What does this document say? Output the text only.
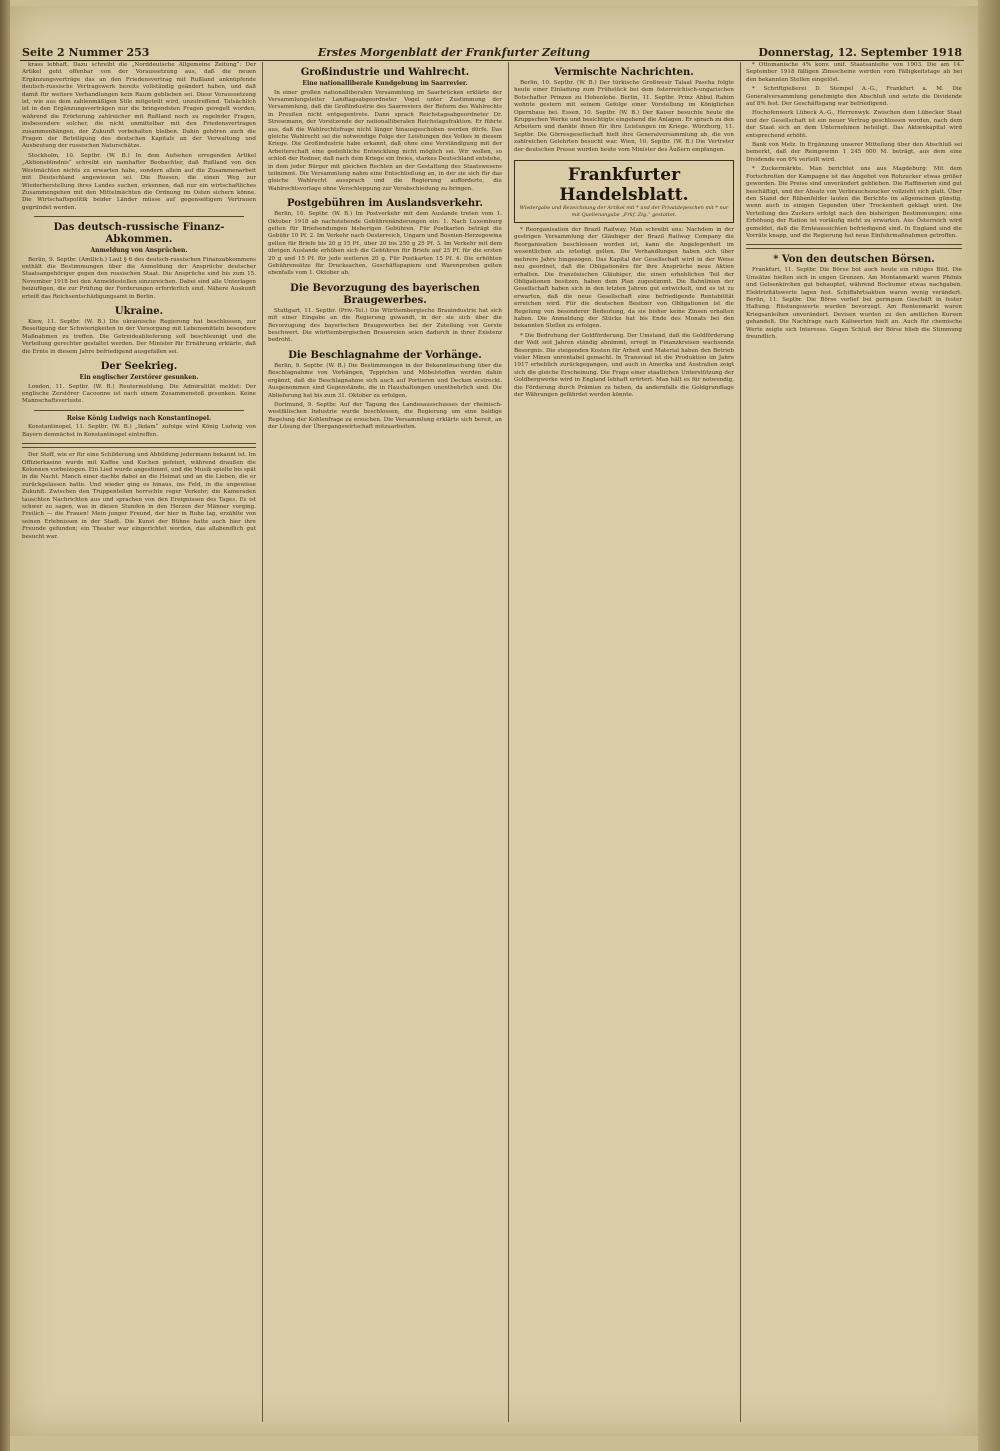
Seite 2 Nummer 253	Erstes Morgenblatt der Frankfurter Zeitung	Donnerstag, 12. September 1918

krass lebhaft. Dazu schreibt die „Norddeutsche Allgemeine Zeitung“: Der Artikel geht offenbar von der Voraussetzung aus, daß die neuen Ergänzungsverträge das an den Friedensvertrag mit Rußland anknüpfende deutsch-russische Vertragswerk bereits vollständig geändert haben, und daß damit für weitere Verhandlungen kein Raum geblieben sei. Diese Voraussetzung ist, wie aus dem zahlenmäßigen Stile mitgeteilt wird, unzutreffend. Tatsächlich ist in den Ergänzungsverträgen nur die bringendsten Fragen geregelt worden, während die Erörterung zahlreicher mit Rußland noch zu regelnder Fragen, insbesondere solcher, die nicht unmittelbar mit den Friedensvertragen zusammenhängen, der Zukunft vorbehalten bleiben. Dahin gehören auch die Fragen der Beteiligung des deutschen Kapitals an der Verwaltung und Ausbeutung der russischen Naturschätze.

Stockholm, 10. Septbr. (W. B.) In dem Aufsehen erregenden Artikel „Aktionsbündnis“ schreibt ein namhafter Beobachter, daß Rußland von den Westmächten nichts zu erwarten habe, sondern allein auf die Zusammenarbeit mit Deutschland angewiesen sei. Die Russen, die einen Weg zur Wiederherstellung ihres Landes suchen, erkennen, daß nur ein wirtschaftliches Zusammengehen mit den Mittelmächten die Ordnung im Osten sichern könne. Die Wirtschaftspolitik beider Länder müsse auf gegenseitigem Vertrauen gegründet werden.

Das deutsch-russische Finanz-Abkommen.
Anmeldung von Ansprüchen.

Berlin, 9. Septbr. (Amtlich.) Laut § 6 des deutsch-russischen Finanzabkommens enthält die Bestimmungen über die Anmeldung der Ansprüche deutscher Staatsangehöriger gegen den russischen Staat. Die Ansprüche sind bis zum 15. November 1918 bei den Anmeldestellen einzureichen. Dabei sind alle Unterlagen beizufügen, die zur Prüfung der Forderungen erforderlich sind. Nähere Auskunft erteilt das Reichsentschädigungsamt in Berlin.

Ukraine.

Kiew, 11. Septbr. (W. B.) Die ukrainische Regierung hat beschlossen, zur Beseitigung der Schwierigkeiten in der Versorgung mit Lebensmitteln besondere Maßnahmen zu treffen. Die Getreideablieferung soll beschleunigt und die Verteilung gerechter gestaltet werden. Der Minister für Ernährung erklärte, daß die Ernte in diesem Jahre befriedigend ausgefallen sei.

Der Seekrieg.
Ein englischer Zerstörer gesunken.

London, 11. Septbr. (W. B.) Reutermeldung. Die Admiralität meldet: Der englische Zerstörer Cacoonne ist nach einem Zusammenstoß gesunken. Keine Mannschaftsverluste.

Reise König Ludwigs nach Konstantinopel.

Konstantinopel, 11. Septbr. (W. B.) „Ikdam“ zufolge wird König Ludwig von Bayern demnächst in Konstantinopel eintreffen.

Der Stoff, wie er für eine Schilderung und Abbildung jedermann bekannt ist. Im Offizierkasino wurde mit Kaffee und Kuchen gefeiert, während draußen die Kolonnen vorbeizogen. Ein Lied wurde angestimmt, und die Musik spielte bis spät in die Nacht. Manch einer dachte dabei an die Heimat und an die Lieben, die er zurückgelassen hatte. Und wieder ging es hinaus, ins Feld, in die ungewisse Zukunft. Zwischen den Truppenteilen herrschte reger Verkehr; die Kameraden tauschten Nachrichten aus und sprachen von den Ereignissen des Tages. Es ist schwer zu sagen, was in diesen Stunden in den Herzen der Männer vorging. Freilich — die Frauen! Mein junger Freund, der hier in Ruhe lag, erzählte von seinen Erlebnissen in der Stadt. Die Kunst der Bühne hatte auch hier ihre Freunde gefunden; ein Theater war eingerichtet worden, das allabendlich gut besucht war.

Großindustrie und Wahlrecht.
Eine nationalliberale Kundgebung im Saarrevier.

In einer großen nationalliberalen Versammlung im Saarbrücken erklärte der Versammlungsleiter Landtagsabgeordneter Vogel unter Zustimmung der Versammlung, daß die Großindustrie des Saarreviers der Reform des Wahlrechts in Preußen nicht entgegentrete. Dann sprach Reichstagsabgeordneter Dr. Stresemann, der Vorsitzende der nationalliberalen Reichstagsfraktion. Er führte aus, daß die Wahlrechtsfrage nicht länger hinausgeschoben werden dürfe. Das gleiche Wahlrecht sei die notwendige Folge der Leistungen des Volkes in diesem Kriege. Die Großindustrie habe erkannt, daß ohne eine Verständigung mit der Arbeiterschaft eine gedeihliche Entwicklung nicht möglich sei. Wir wollen, so schloß der Redner, daß nach dem Kriege ein freies, starkes Deutschland entstehe, in dem jeder Bürger mit gleichen Rechten an der Gestaltung des Staatswesens teilnimmt. Die Versammlung nahm eine Entschließung an, in der sie sich für das gleiche Wahlrecht aussprach und die Regierung aufforderte, die Wahlrechtsvorlage ohne Verschleppung zur Verabschiedung zu bringen.

Postgebühren im Auslandsverkehr.

Berlin, 10. Septbr. (W. B.) Im Postverkehr mit dem Auslande treten vom 1. Oktober 1918 ab nachstehende Gebührenänderungen ein: 1. Nach Luxemburg gelten für Briefsendungen bisherigen Gebühren. Für Postkarten beträgt die Gebühr 10 Pf. 2. Im Verkehr nach Oesterreich, Ungarn und Bosnien-Herzegowina gelten für Briefe bis 20 g 15 Pf., über 20 bis 250 g 25 Pf. 3. Im Verkehr mit dem übrigen Auslande erhöhen sich die Gebühren für Briefe auf 25 Pf. für die ersten 20 g und 15 Pf. für jede weiteren 20 g. Für Postkarten 15 Pf. 4. Die erhöhten Gebührensätze für Drucksachen, Geschäftspapiere und Warenproben gelten ebenfalls vom 1. Oktober ab.

Die Bevorzugung des bayerischen Braugewerbes.

Stuttgart, 11. Septbr. (Priv.-Tel.) Die Württembergische Brauindustrie hat sich mit einer Eingabe an die Regierung gewandt, in der sie sich über die Bevorzugung des bayerischen Braugewerbes bei der Zuteilung von Gerste beschwert. Die württembergischen Brauereien seien dadurch in ihrer Existenz bedroht.

Die Beschlagnahme der Vorhänge.

Berlin, 9. Septbr. (W. B.) Die Bestimmungen in der Bekanntmachung über die Beschlagnahme von Vorhängen, Teppichen und Möbelstoffen werden dahin ergänzt, daß die Beschlagnahme sich auch auf Portieren und Decken erstreckt. Ausgenommen sind Gegenstände, die in Haushaltungen unentbehrlich sind. Die Ablieferung hat bis zum 31. Oktober zu erfolgen.

Dortmund, 9. Septbr. Auf der Tagung des Landesausschusses der rheinisch-westfälischen Industrie wurde beschlossen, die Regierung um eine baldige Regelung der Kohlenfrage zu ersuchen. Die Versammlung erklärte sich bereit, an der Lösung der Übergangswirtschaft mitzuarbeiten.

Vermischte Nachrichten.

Berlin, 10. Septbr. (W. B.) Der türkische Großwesir Talaat Pascha folgte heute einer Einladung zum Frühstück bei dem österreichisch-ungarischen Botschafter Prinzen zu Hohenlohe. Berlin, 11. Septbr. Prinz Abbul Rahim wohnte gestern mit seinem Gefolge einer Vorstellung im Königlichen Opernhaus bei. Essen, 10. Septbr. (W. B.) Der Kaiser besuchte heute die Kruppschen Werke und besichtigte eingehend die Anlagen. Er sprach zu den Arbeitern und dankte ihnen für ihre Leistungen im Kriege. Würzburg, 11. Septbr. Die Görresgesellschaft hielt ihre Generalversammlung ab, die von zahlreichen Gelehrten besucht war. Wien, 10. Septbr. (W. B.) Die Vertreter der deutschen Presse wurden heute vom Minister des Äußern empfangen.

Frankfurter Handelsblatt.
Wiedergabe und Bezeichnung der Artikel mit * und der Privatdepeschen mit * nur mit Quellenangabe „Frkf. Ztg.“ gestattet.

* Reorganisation der Brazil Railway. Man schreibt uns: Nachdem in der gestrigen Versammlung der Gläubiger der Brazil Railway Company die Reorganisation beschlossen worden ist, kann die Angelegenheit im wesentlichen als erledigt gelten. Die Verhandlungen haben sich über mehrere Jahre hingezogen. Das Kapital der Gesellschaft wird in der Weise neu geordnet, daß die Obligationäre für ihre Ansprüche neue Aktien erhalten. Die französischen Gläubiger, die einen erheblichen Teil der Obligationen besitzen, haben dem Plan zugestimmt. Die Bahnlinien der Gesellschaft haben sich in den letzten Jahren gut entwickelt, und es ist zu erwarten, daß die neue Gesellschaft eine befriedigende Rentabilität erreichen wird. Für die deutschen Besitzer von Obligationen ist die Regelung von besonderer Bedeutung, da sie bisher keine Zinsen erhalten haben. Die Anmeldung der Stücke hat bis Ende des Monats bei den bekannten Stellen zu erfolgen.

* Die Bedrohung der Goldförderung. Der Umstand, daß die Goldförderung der Welt seit Jahren ständig abnimmt, erregt in Finanzkreisen wachsende Besorgnis. Die steigenden Kosten für Arbeit und Material haben den Betrieb vieler Minen unrentabel gemacht. In Transvaal ist die Produktion im Jahre 1917 erheblich zurückgegangen, und auch in Amerika und Australien zeigt sich die gleiche Erscheinung. Die Frage einer staatlichen Unterstützung der Goldbergwerke wird in England lebhaft erörtert. Man hält es für notwendig, die Förderung durch Prämien zu heben, da andernfalls die Goldgrundlage der Währungen gefährdet werden könnte.

* Ottomanische 4% konv. unif. Staatsanleihe von 1903. Die am 14. September 1918 fälligen Zinsscheine werden vom Fälligkeitstage ab bei den bekannten Stellen eingelöst.

* Schriftgießerei D. Stempel A.-G., Frankfurt a. M. Die Generalversammlung genehmigte den Abschluß und setzte die Dividende auf 8% fest. Der Geschäftsgang war befriedigend.

Hochofenwerk Lübeck A.-G., Herrenwyk. Zwischen dem Lübecker Staat und der Gesellschaft ist ein neuer Vertrag geschlossen worden, nach dem der Staat sich an dem Unternehmen beteiligt. Das Aktienkapital wird entsprechend erhöht.

Bank von Metz. In Ergänzung unserer Mitteilung über den Abschluß sei bemerkt, daß der Reingewinn 1 245 000 M. beträgt, aus dem eine Dividende von 6% verteilt wird.

* Zuckermärkte. Man berichtet uns aus Magdeburg: Mit dem Fortschreiten der Kampagne ist das Angebot von Rohzucker etwas größer geworden. Die Preise sind unverändert geblieben. Die Raffinerien sind gut beschäftigt, und der Absatz von Verbrauchszucker vollzieht sich glatt. Über den Stand der Rübenfelder lauten die Berichte im allgemeinen günstig, wenn auch in einigen Gegenden über Trockenheit geklagt wird. Die Verteilung des Zuckers erfolgt nach den bisherigen Bestimmungen; eine Erhöhung der Ration ist vorläufig nicht zu erwarten. Aus Österreich wird gemeldet, daß die Ernteaussichten befriedigend sind. In England sind die Vorräte knapp, und die Regierung hat neue Einfuhrmaßnahmen getroffen.

* Von den deutschen Börsen.

Frankfurt, 11. Septbr. Die Börse bot auch heute ein ruhiges Bild. Die Umsätze hielten sich in engen Grenzen. Am Montanmarkt waren Phönix und Gelsenkirchen gut behauptet, während Bochumer etwas nachgaben. Elektrizitätswerte lagen fest. Schiffahrtsaktien waren wenig verändert. Berlin, 11. Septbr. Die Börse verlief bei geringem Geschäft in fester Haltung. Rüstungswerte wurden bevorzugt. Am Rentenmarkt waren Kriegsanleihen unverändert. Devisen wurden zu den amtlichen Kursen gehandelt. Die Nachfrage nach Kaliwerten hielt an. Auch für chemische Werte zeigte sich Interesse. Gegen Schluß der Börse blieb die Stimmung freundlich.
